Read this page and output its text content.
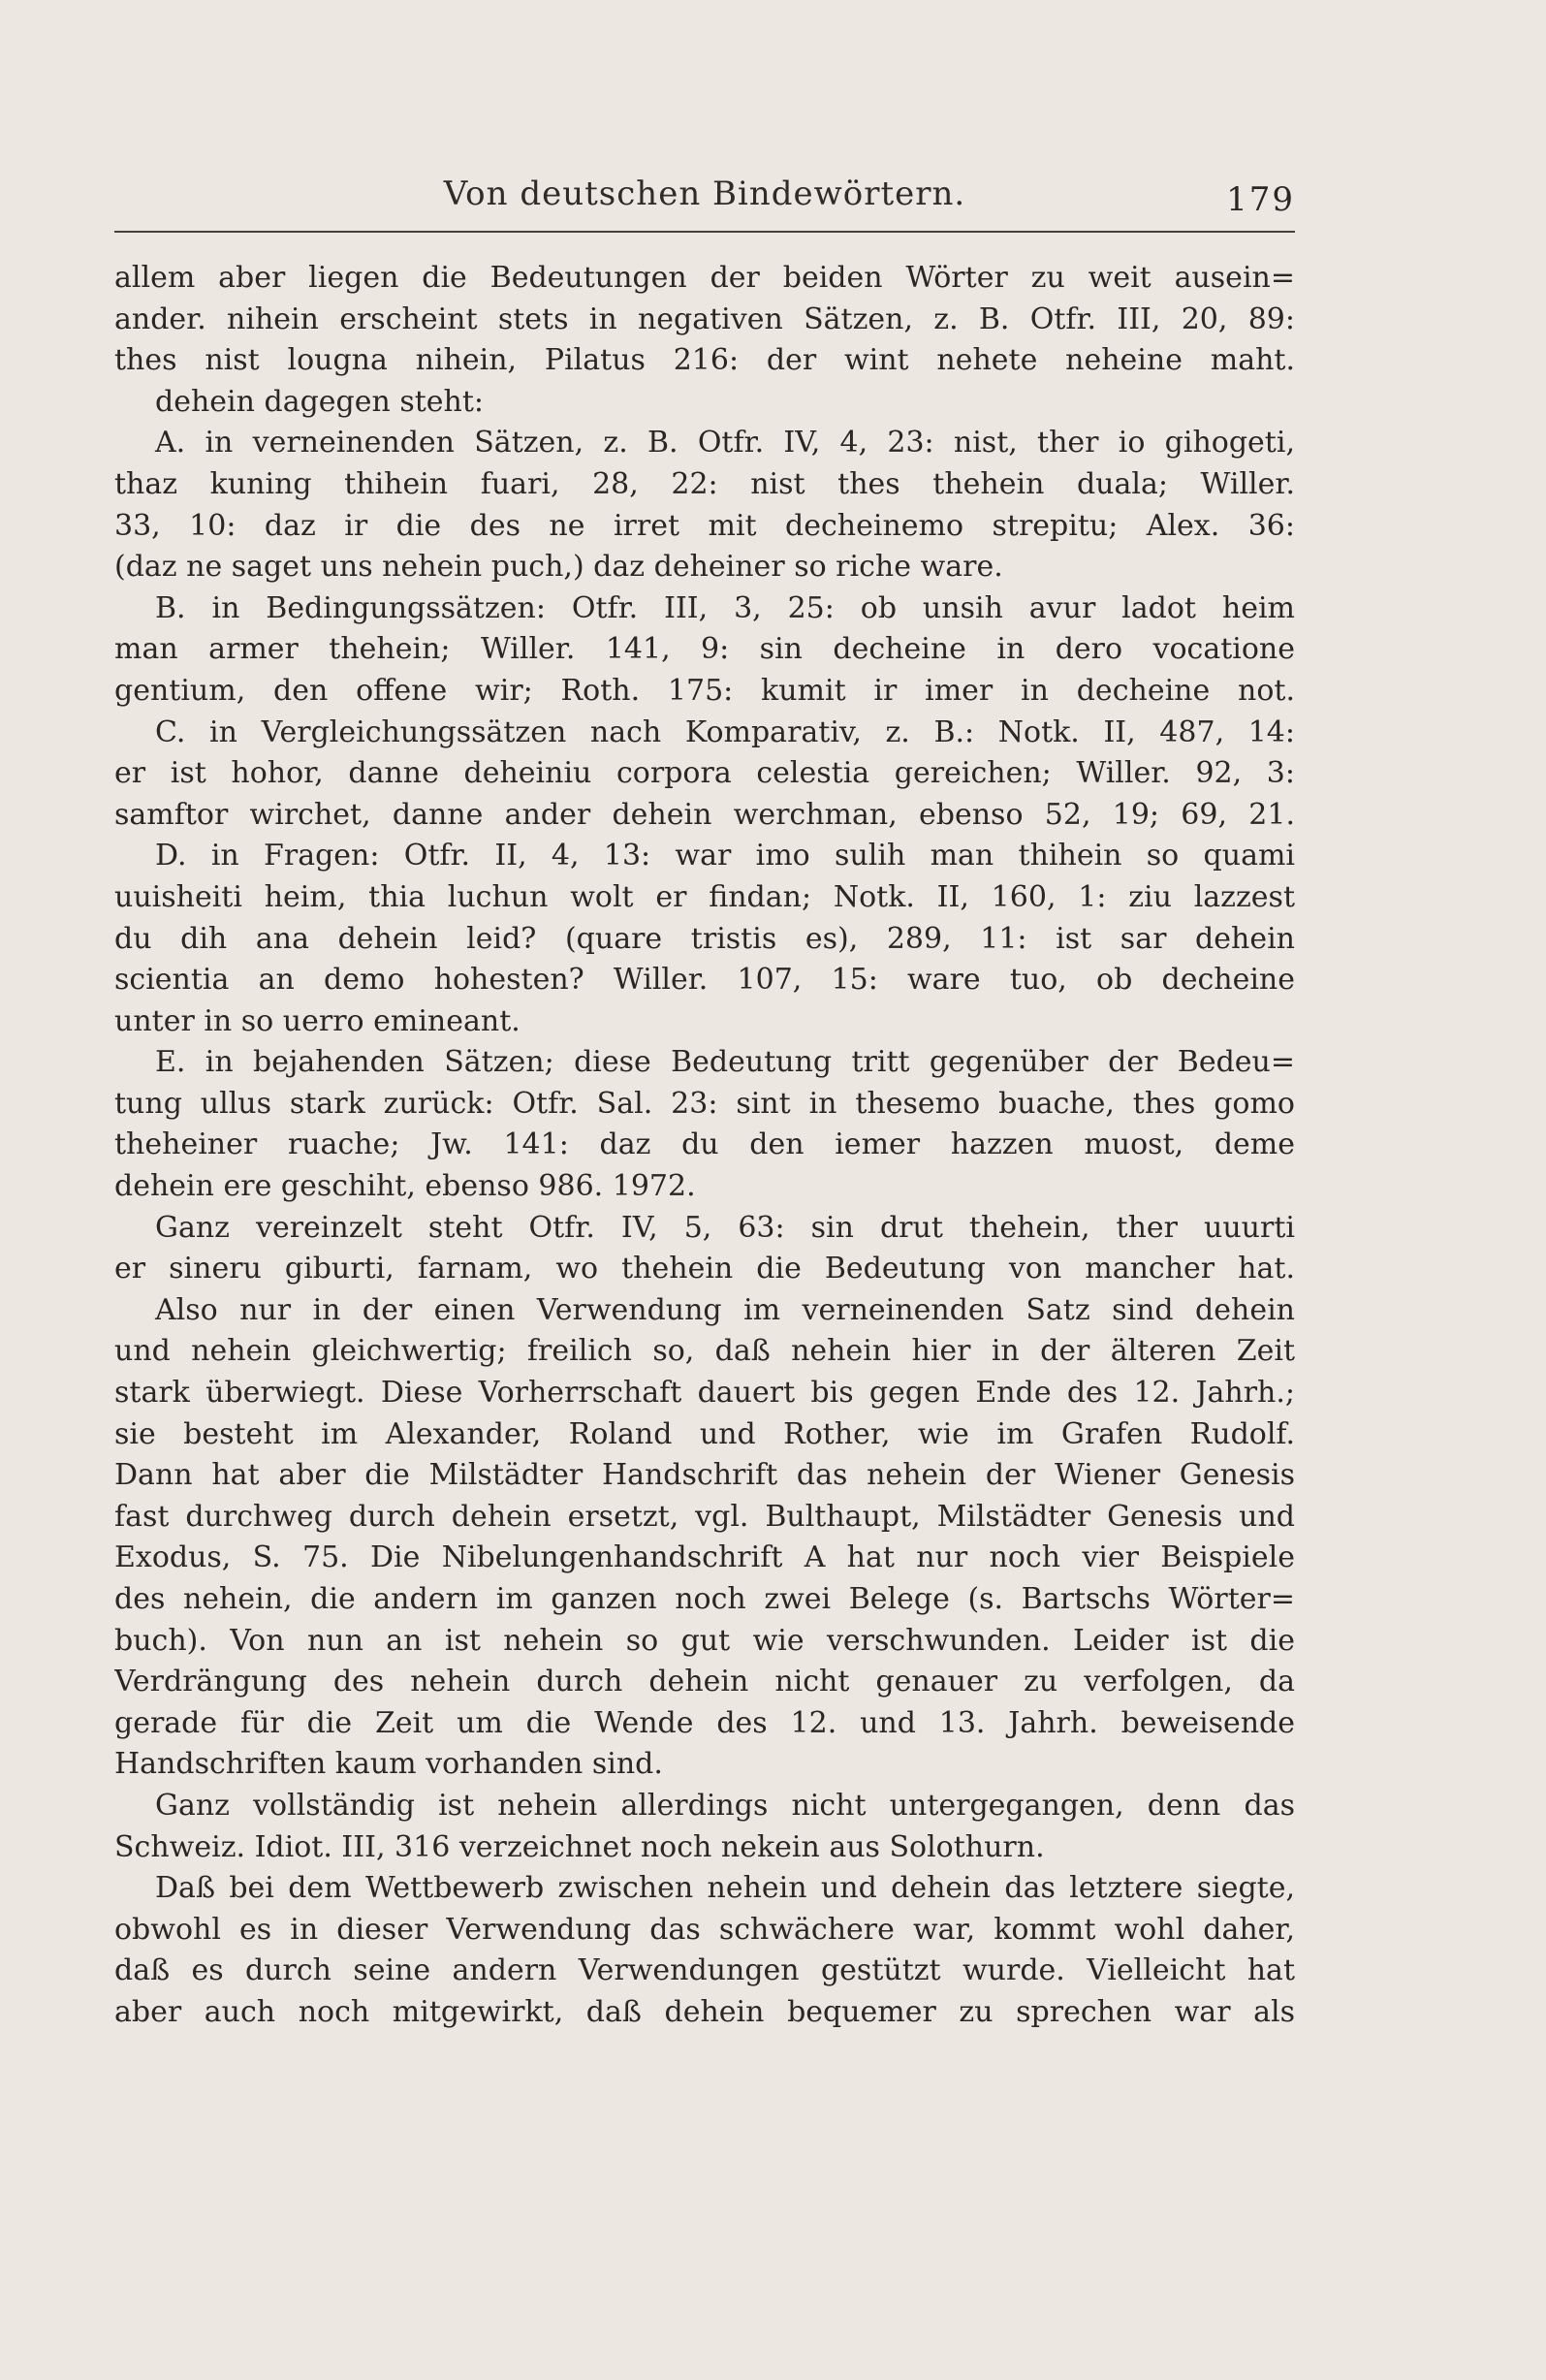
Von deutschen Bindewörtern.	179
allem aber liegen die Bedeutungen der beiden Wörter zu weit ausein=
ander. nihein erscheint stets in negativen Sätzen, z. B. Otfr. III, 20, 89:
thes nist lougna nihein, Pilatus 216: der wint nehete neheine maht.
dehein dagegen steht:
A. in verneinenden Sätzen, z. B. Otfr. IV, 4, 23: nist, ther io gihogeti,
thaz kuning thihein fuari, 28, 22: nist thes thehein duala; Willer.
33, 10: daz ir die des ne irret mit decheinemo strepitu; Alex. 36:
(daz ne saget uns nehein puch,) daz deheiner so riche ware.
B. in Bedingungssätzen: Otfr. III, 3, 25: ob unsih avur ladot heim
man armer thehein; Willer. 141, 9: sin decheine in dero vocatione
gentium, den offene wir; Roth. 175: kumit ir imer in decheine not.
C. in Vergleichungssätzen nach Komparativ, z. B.: Notk. II, 487, 14:
er ist hohor, danne deheiniu corpora celestia gereichen; Willer. 92, 3:
samftor wirchet, danne ander dehein werchman, ebenso 52, 19; 69, 21.
D. in Fragen: Otfr. II, 4, 13: war imo sulih man thihein so quami
uuisheiti heim, thia luchun wolt er findan; Notk. II, 160, 1: ziu lazzest
du dih ana dehein leid? (quare tristis es), 289, 11: ist sar dehein
scientia an demo hohesten? Willer. 107, 15: ware tuo, ob decheine
unter in so uerro emineant.
E. in bejahenden Sätzen; diese Bedeutung tritt gegenüber der Bedeu=
tung ullus stark zurück: Otfr. Sal. 23: sint in thesemo buache, thes gomo
theheiner ruache; Jw. 141: daz du den iemer hazzen muost, deme
dehein ere geschiht, ebenso 986. 1972.
Ganz vereinzelt steht Otfr. IV, 5, 63: sin drut thehein, ther uuurti
er sineru giburti, farnam, wo thehein die Bedeutung von mancher hat.
Also nur in der einen Verwendung im verneinenden Satz sind dehein
und nehein gleichwertig; freilich so, daß nehein hier in der älteren Zeit
stark überwiegt. Diese Vorherrschaft dauert bis gegen Ende des 12. Jahrh.;
sie besteht im Alexander, Roland und Rother, wie im Grafen Rudolf.
Dann hat aber die Milstädter Handschrift das nehein der Wiener Genesis
fast durchweg durch dehein ersetzt, vgl. Bulthaupt, Milstädter Genesis und
Exodus, S. 75. Die Nibelungenhandschrift A hat nur noch vier Beispiele
des nehein, die andern im ganzen noch zwei Belege (s. Bartschs Wörter=
buch). Von nun an ist nehein so gut wie verschwunden. Leider ist die
Verdrängung des nehein durch dehein nicht genauer zu verfolgen, da
gerade für die Zeit um die Wende des 12. und 13. Jahrh. beweisende
Handschriften kaum vorhanden sind.
Ganz vollständig ist nehein allerdings nicht untergegangen, denn das
Schweiz. Idiot. III, 316 verzeichnet noch nekein aus Solothurn.
Daß bei dem Wettbewerb zwischen nehein und dehein das letztere siegte,
obwohl es in dieser Verwendung das schwächere war, kommt wohl daher,
daß es durch seine andern Verwendungen gestützt wurde. Vielleicht hat
aber auch noch mitgewirkt, daß dehein bequemer zu sprechen war als
